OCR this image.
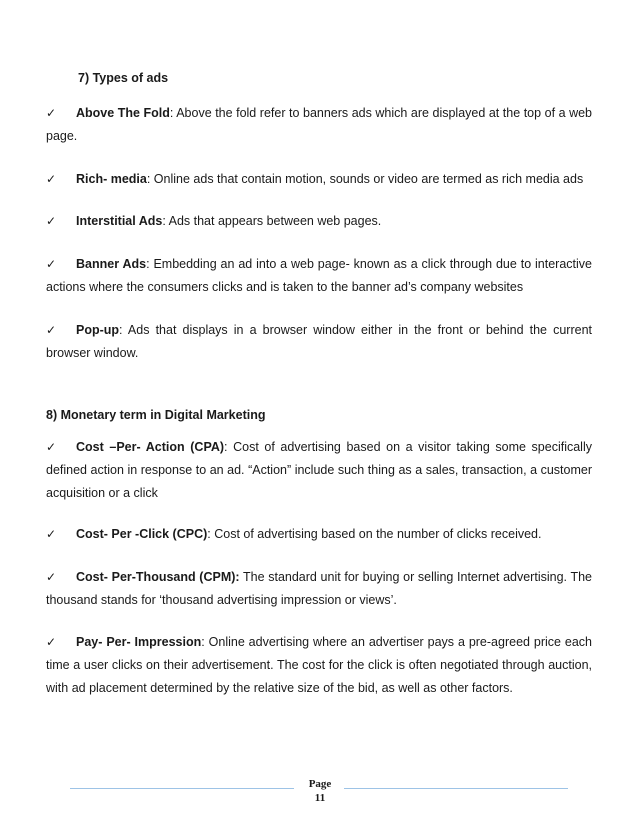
7) Types of ads

✓ Above The Fold: Above the fold refer to banners ads which are displayed at the top of a web page.

✓ Rich- media: Online ads that contain motion, sounds or video are termed as rich media ads

✓ Interstitial Ads: Ads that appears between web pages.

✓ Banner Ads: Embedding an ad into a web page- known as a click through due to interactive actions where the consumers clicks and is taken to the banner ad’s company websites

✓ Pop-up: Ads that displays in a browser window either in the front or behind the current browser window.

8) Monetary term in Digital Marketing

✓ Cost –Per- Action (CPA): Cost of advertising based on a visitor taking some specifically defined action in response to an ad. “Action” include such thing as a sales, transaction, a customer acquisition or a click

✓ Cost- Per -Click (CPC): Cost of advertising based on the number of clicks received.

✓ Cost- Per-Thousand (CPM): The standard unit for buying or selling Internet advertising. The thousand stands for ‘thousand advertising impression or views’.

✓ Pay- Per- Impression: Online advertising where an advertiser pays a pre-agreed price each time a user clicks on their advertisement. The cost for the click is often negotiated through auction, with ad placement determined by the relative size of the bid, as well as other factors.

Page
11
